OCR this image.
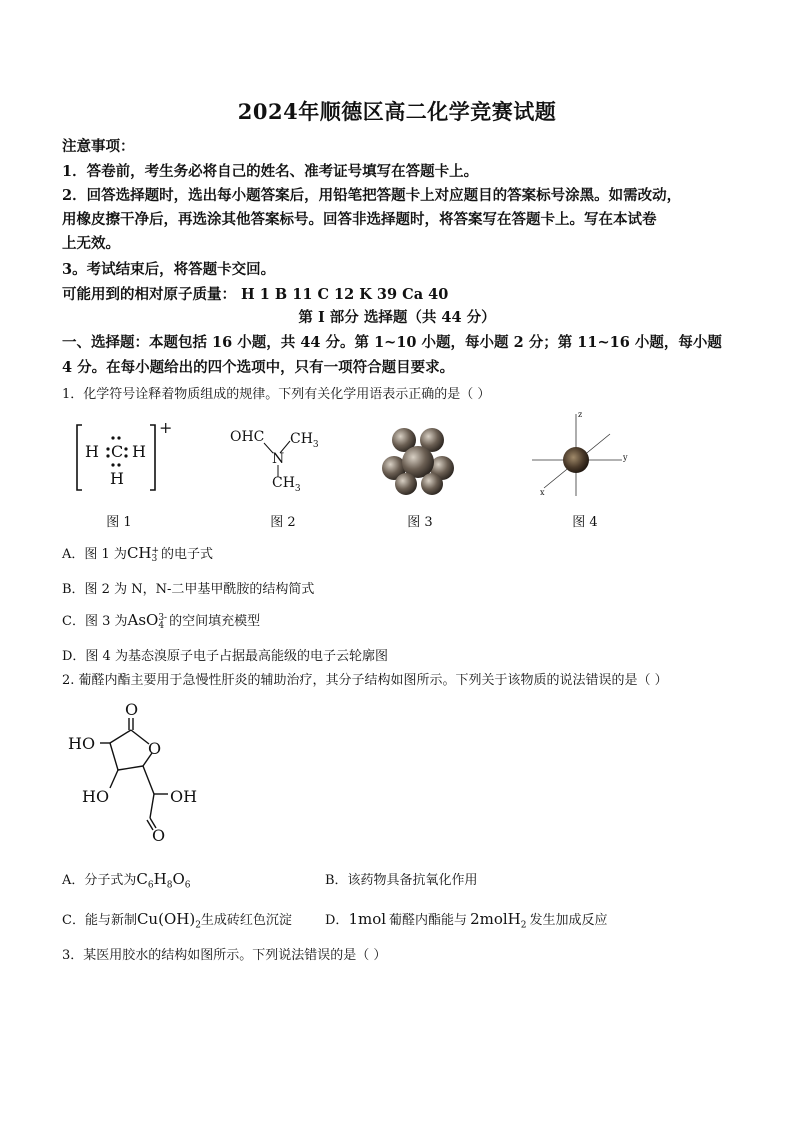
2024年顺德区高二化学竞赛试题
注意事项：
1．答卷前，考生务必将自己的姓名、准考证号填写在答题卡上。
2．回答选择题时，选出每小题答案后，用铅笔把答题卡上对应题目的答案标号涂黑。如需改动，
用橡皮擦干净后，再选涂其他答案标号。回答非选择题时，将答案写在答题卡上。写在本试卷
上无效。
3。考试结束后，将答题卡交回。
可能用到的相对原子质量： H 1 B 11 C 12 K 39 Ca 40
第 I 部分 选择题（共 44 分）
一、选择题：本题包括 16 小题，共 44 分。第 1~10 小题，每小题 2 分；第 11~16 小题，每小题
4 分。在每小题给出的四个选项中，只有一项符合题目要求。
1．化学符号诠释着物质组成的规律。下列有关化学用语表示正确的是（ ）
H C H
H
+	OHC
N
$CH_3$
$CH_3$
z
y
x
图 1	图 2	图 3	图 4
A．图 1 为CH +
3 的电子式
B．图 2 为 N，N-二甲基甲酰胺的结构简式
C．图 3 为AsO 3-
4 的空间填充模型
D．图 4 为基态溴原子电子占据最高能级的电子云轮廓图
2. 葡醛内酯主要用于急慢性肝炎的辅助治疗，其分子结构如图所示。下列关于该物质的说法错误的是（ ）
O
O
HO
HO	OH
O
A．分子式为$C_6H_8O_6$	B．该药物具备抗氧化作用
C．能与新制$Cu(OH)_2$生成砖红色沉淀	D．1mol 葡醛内酯能与 2molH$_2$ 发生加成反应
3．某医用胶水的结构如图所示。下列说法错误的是（ ）
